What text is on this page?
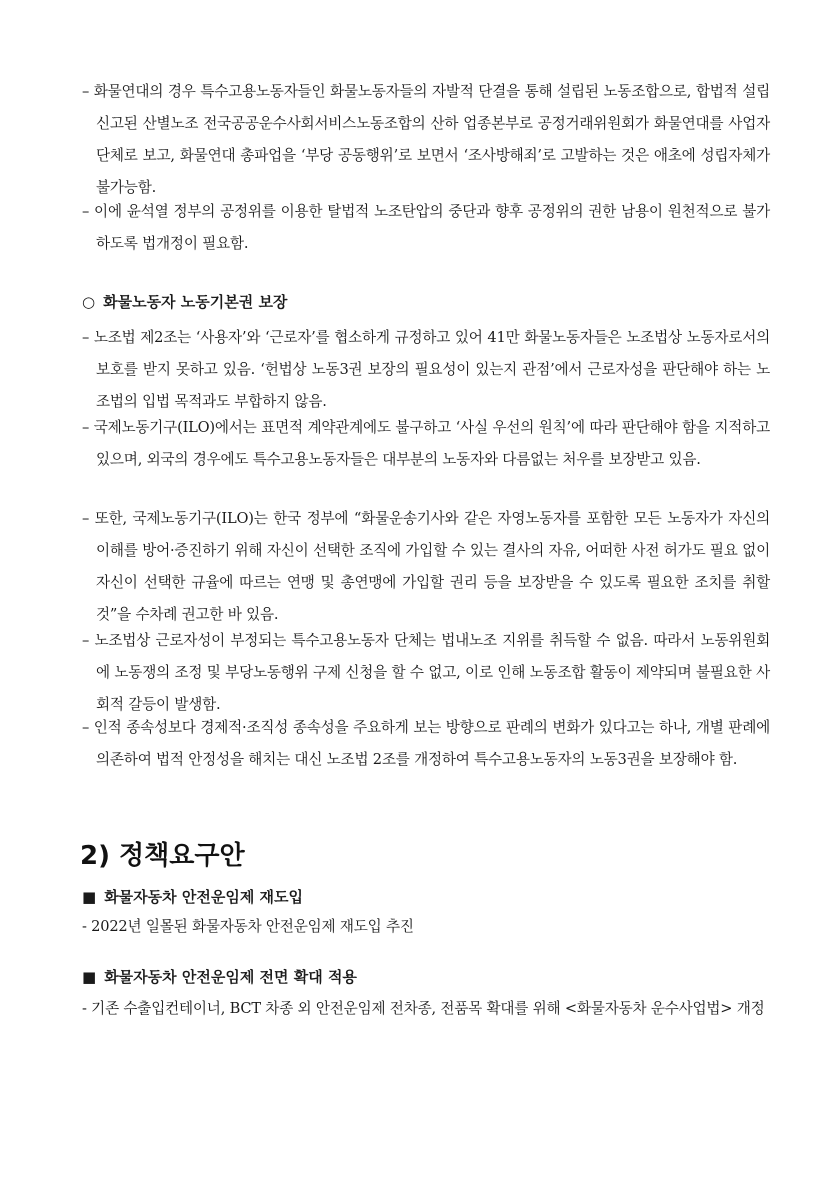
– 화물연대의 경우 특수고용노동자들인 화물노동자들의 자발적 단결을 통해 설립된 노동조합으로, 합법적 설립신고된 산별노조 전국공공운수사회서비스노동조합의 산하 업종본부로 공정거래위원회가 화물연대를 사업자단체로 보고, 화물연대 총파업을 ‘부당 공동행위’로 보면서 ‘조사방해죄’로 고발하는 것은 애초에 성립자체가 불가능함.

– 이에 윤석열 정부의 공정위를 이용한 탈법적 노조탄압의 중단과 향후 공정위의 권한 남용이 원천적으로 불가하도록 법개정이 필요함.

○ 화물노동자 노동기본권 보장

– 노조법 제2조는 ‘사용자’와 ‘근로자’를 협소하게 규정하고 있어 41만 화물노동자들은 노조법상 노동자로서의 보호를 받지 못하고 있음. ‘헌법상 노동3권 보장의 필요성이 있는지 관점’에서 근로자성을 판단해야 하는 노조법의 입법 목적과도 부합하지 않음.

– 국제노동기구(ILO)에서는 표면적 계약관계에도 불구하고 ‘사실 우선의 원칙’에 따라 판단해야 함을 지적하고 있으며, 외국의 경우에도 특수고용노동자들은 대부분의 노동자와 다름없는 처우를 보장받고 있음.

– 또한, 국제노동기구(ILO)는 한국 정부에 “화물운송기사와 같은 자영노동자를 포함한 모든 노동자가 자신의 이해를 방어·증진하기 위해 자신이 선택한 조직에 가입할 수 있는 결사의 자유, 어떠한 사전 허가도 필요 없이 자신이 선택한 규율에 따르는 연맹 및 총연맹에 가입할 권리 등을 보장받을 수 있도록 필요한 조치를 취할 것”을 수차례 권고한 바 있음.

– 노조법상 근로자성이 부정되는 특수고용노동자 단체는 법내노조 지위를 취득할 수 없음. 따라서 노동위원회에 노동쟁의 조정 및 부당노동행위 구제 신청을 할 수 없고, 이로 인해 노동조합 활동이 제약되며 불필요한 사회적 갈등이 발생함.

– 인적 종속성보다 경제적·조직성 종속성을 주요하게 보는 방향으로 판례의 변화가 있다고는 하나, 개별 판례에 의존하여 법적 안정성을 해치는 대신 노조법 2조를 개정하여 특수고용노동자의 노동3권을 보장해야 함.

2) 정책요구안

■ 화물자동차 안전운임제 재도입

- 2022년 일몰된 화물자동차 안전운임제 재도입 추진

■ 화물자동차 안전운임제 전면 확대 적용

- 기존 수출입컨테이너, BCT 차종 외 안전운임제 전차종, 전품목 확대를 위해 <화물자동차 운수사업법> 개정
